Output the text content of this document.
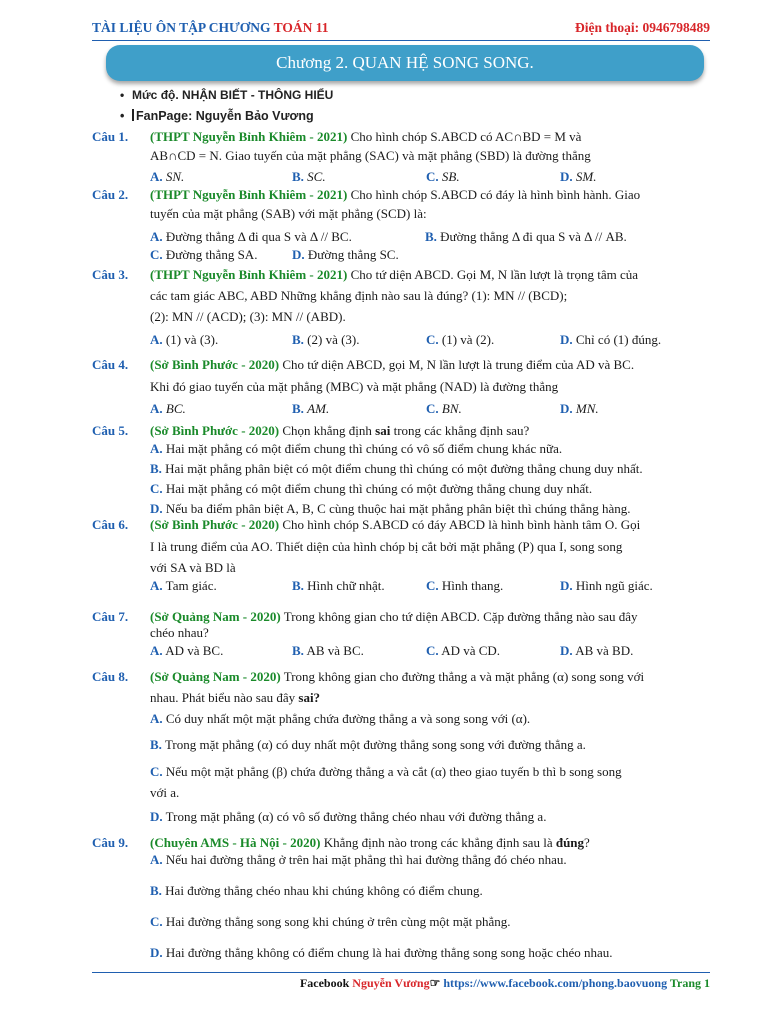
TÀI LIỆU ÔN TẬP CHƯƠNG TOÁN 11	Điện thoại: 0946798489
Chương 2. QUAN HỆ SONG SONG.
• Mức độ. NHẬN BIẾT - THÔNG HIỂU
• FanPage: Nguyễn Bảo Vương
Câu 1. (THPT Nguyễn Bỉnh Khiêm - 2021) Cho hình chóp S.ABCD có AC∩BD = M và
AB∩CD = N. Giao tuyến của mặt phẳng (SAC) và mặt phẳng (SBD) là đường thẳng
A. SN.	B. SC.	C. SB.	D. SM.
Câu 2. (THPT Nguyễn Bỉnh Khiêm - 2021) Cho hình chóp S.ABCD có đáy là hình bình hành. Giao
tuyến của mặt phẳng (SAB) với mặt phẳng (SCD) là:
A. Đường thẳng Δ đi qua S và Δ // BC.	B. Đường thẳng Δ đi qua S và Δ // AB.
C. Đường thẳng SA.	D. Đường thẳng SC.
Câu 3. (THPT Nguyễn Bỉnh Khiêm - 2021) Cho tứ diện ABCD. Gọi M, N lần lượt là trọng tâm của
các tam giác ABC, ABD Những khẳng định nào sau là đúng? (1): MN // (BCD);
(2): MN // (ACD); (3): MN // (ABD).
A. (1) và (3).	B. (2) và (3).	C. (1) và (2).	D. Chỉ có (1) đúng.
Câu 4. (Sở Bình Phước - 2020) Cho tứ diện ABCD, gọi M, N lần lượt là trung điểm của AD và BC.
Khi đó giao tuyến của mặt phẳng (MBC) và mặt phẳng (NAD) là đường thẳng
A. BC.	B. AM.	C. BN.	D. MN.
Câu 5. (Sở Bình Phước - 2020) Chọn khẳng định sai trong các khẳng định sau?
A. Hai mặt phẳng có một điểm chung thì chúng có vô số điểm chung khác nữa.
B. Hai mặt phẳng phân biệt có một điểm chung thì chúng có một đường thẳng chung duy nhất.
C. Hai mặt phẳng có một điểm chung thì chúng có một đường thẳng chung duy nhất.
D. Nếu ba điểm phân biệt A, B, C cùng thuộc hai mặt phẳng phân biệt thì chúng thẳng hàng.
Câu 6. (Sở Bình Phước - 2020) Cho hình chóp S.ABCD có đáy ABCD là hình bình hành tâm O. Gọi
I là trung điểm của AO. Thiết diện của hình chóp bị cắt bởi mặt phẳng (P) qua I, song song
với SA và BD là
A. Tam giác.	B. Hình chữ nhật.	C. Hình thang.	D. Hình ngũ giác.
Câu 7. (Sở Quảng Nam - 2020) Trong không gian cho tứ diện ABCD. Cặp đường thẳng nào sau đây
chéo nhau?
A. AD và BC.	B. AB và BC.	C. AD và CD.	D. AB và BD.
Câu 8. (Sở Quảng Nam - 2020) Trong không gian cho đường thẳng a và mặt phẳng (α) song song với
nhau. Phát biểu nào sau đây sai?
A. Có duy nhất một mặt phẳng chứa đường thẳng a và song song với (α).
B. Trong mặt phẳng (α) có duy nhất một đường thẳng song song với đường thẳng a.
C. Nếu một mặt phẳng (β) chứa đường thẳng a và cắt (α) theo giao tuyến b thì b song song
với a.
D. Trong mặt phẳng (α) có vô số đường thẳng chéo nhau với đường thẳng a.
Câu 9. (Chuyên AMS - Hà Nội - 2020) Khẳng định nào trong các khẳng định sau là đúng?
A. Nếu hai đường thẳng ở trên hai mặt phẳng thì hai đường thẳng đó chéo nhau.
B. Hai đường thẳng chéo nhau khi chúng không có điểm chung.
C. Hai đường thẳng song song khi chúng ở trên cùng một mặt phẳng.
D. Hai đường thẳng không có điểm chung là hai đường thẳng song song hoặc chéo nhau.
Facebook Nguyễn Vương☞ https://www.facebook.com/phong.baovuong Trang 1
